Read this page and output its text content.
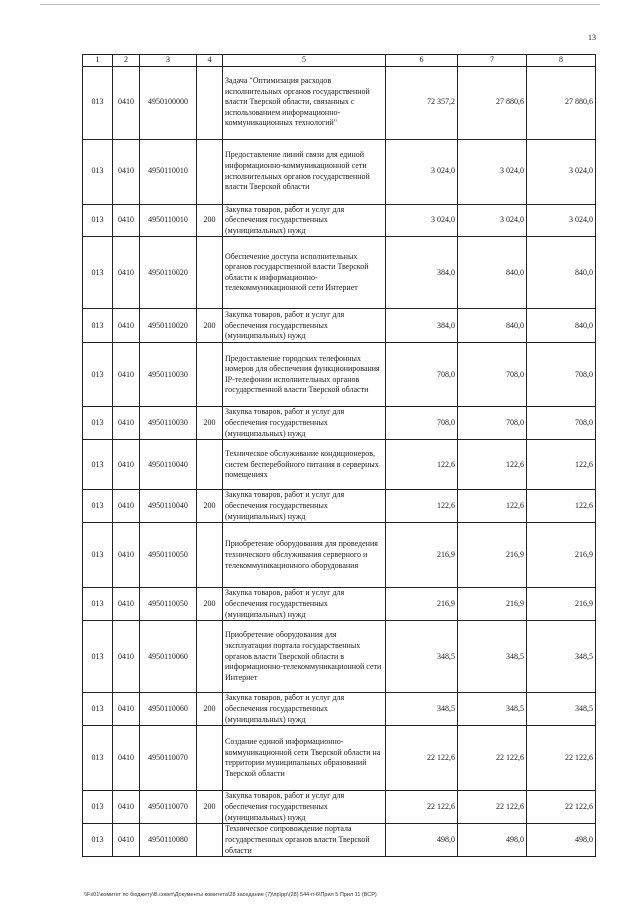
13
1	2	3	4	5	6	7	8
013	0410	4950100000		Задача "Оптимизация расходов исполнительных органов государственной власти Тверской области, связанных с использованием информационно-коммуникационных технологий"	72 357,2	27 880,6	27 880,6
013	0410	4950110010		Предоставление линий связи для единой информационно-коммуникационной сети исполнительных органов государственной власти Тверской области	3 024,0	3 024,0	3 024,0
013	0410	4950110010	200	Закупка товаров, работ и услуг для обеспечения государственных (муниципальных) нужд	3 024,0	3 024,0	3 024,0
013	0410	4950110020		Обеспечение доступа исполнительных органов государственной власти Тверской области к информационно-телекоммуникационной сети Интернет	384,0	840,0	840,0
013	0410	4950110020	200	Закупка товаров, работ и услуг для обеспечения государственных (муниципальных) нужд	384,0	840,0	840,0
013	0410	4950110030		Предоставление городских телефонных номеров для обеспечения функционирования IP-телефонии исполнительных органов государственной власти Тверской области	708,0	708,0	708,0
013	0410	4950110030	200	Закупка товаров, работ и услуг для обеспечения государственных (муниципальных) нужд	708,0	708,0	708,0
013	0410	4950110040		Техническое обслуживание кондиционеров, систем бесперебойного питания в серверных помещениях	122,6	122,6	122,6
013	0410	4950110040	200	Закупка товаров, работ и услуг для обеспечения государственных (муниципальных) нужд	122,6	122,6	122,6
013	0410	4950110050		Приобретение оборудования для проведения технического обслуживания серверного и телекоммуникационного оборудования	216,9	216,9	216,9
013	0410	4950110050	200	Закупка товаров, работ и услуг для обеспечения государственных (муниципальных) нужд	216,9	216,9	216,9
013	0410	4950110060		Приобретение оборудования для эксплуатации портала государственных органов власти Тверской области в информационно-телекоммуникационной сети Интернет	348,5	348,5	348,5
013	0410	4950110060	200	Закупка товаров, работ и услуг для обеспечения государственных (муниципальных) нужд	348,5	348,5	348,5
013	0410	4950110070		Создание единой информационно-коммуникационной сети Тверской области на территории муниципальных образований Тверской области	22 122,6	22 122,6	22 122,6
013	0410	4950110070	200	Закупка товаров, работ и услуг для обеспечения государственных (муниципальных) нужд	22 122,6	22 122,6	22 122,6
013	0410	4950110080		Техническое сопровождение портала государственных органов власти Тверской области	498,0	498,0	498,0
\\Fs01\комитет по бюджету\В.совет\Документы комитета\28 заседание (7)\пр\рр\(28) 544-п-6\Прил 5 Прил 11 (ВСР)
